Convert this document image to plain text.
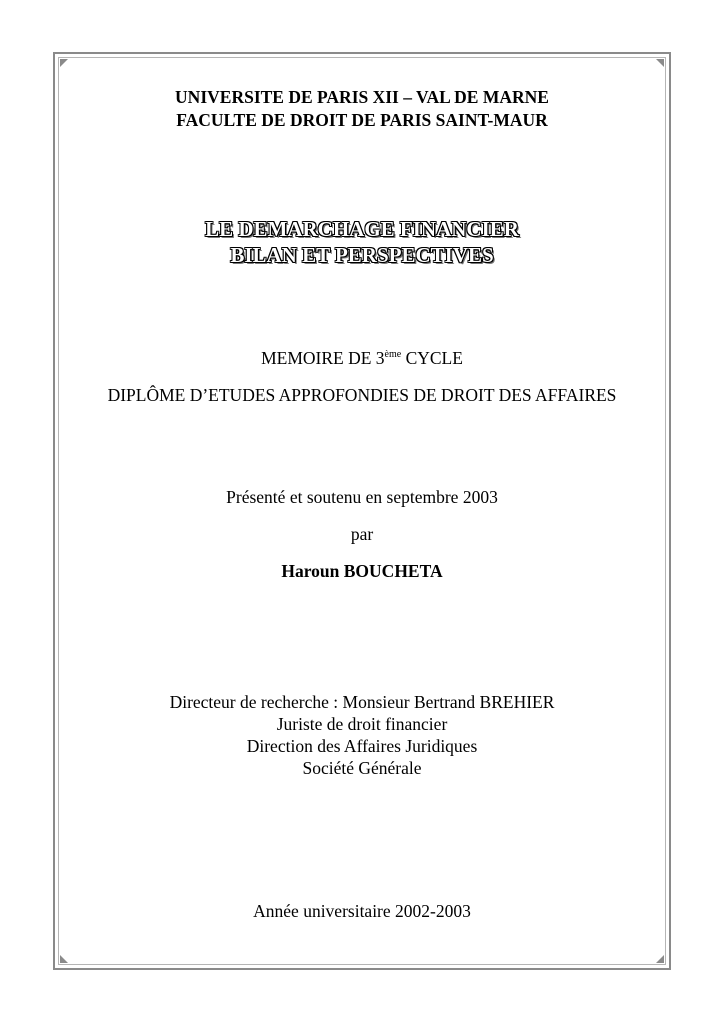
UNIVERSITE DE PARIS XII – VAL DE MARNE
FACULTE DE DROIT DE PARIS SAINT-MAUR
LE DEMARCHAGE FINANCIER
BILAN ET PERSPECTIVES
MEMOIRE DE 3ème CYCLE
DIPLÔME D’ETUDES APPROFONDIES DE DROIT DES AFFAIRES
Présenté et soutenu en septembre 2003
par
Haroun BOUCHETA
Directeur de recherche : Monsieur Bertrand BREHIER
Juriste de droit financier
Direction des Affaires Juridiques
Société Générale
Année universitaire 2002-2003
